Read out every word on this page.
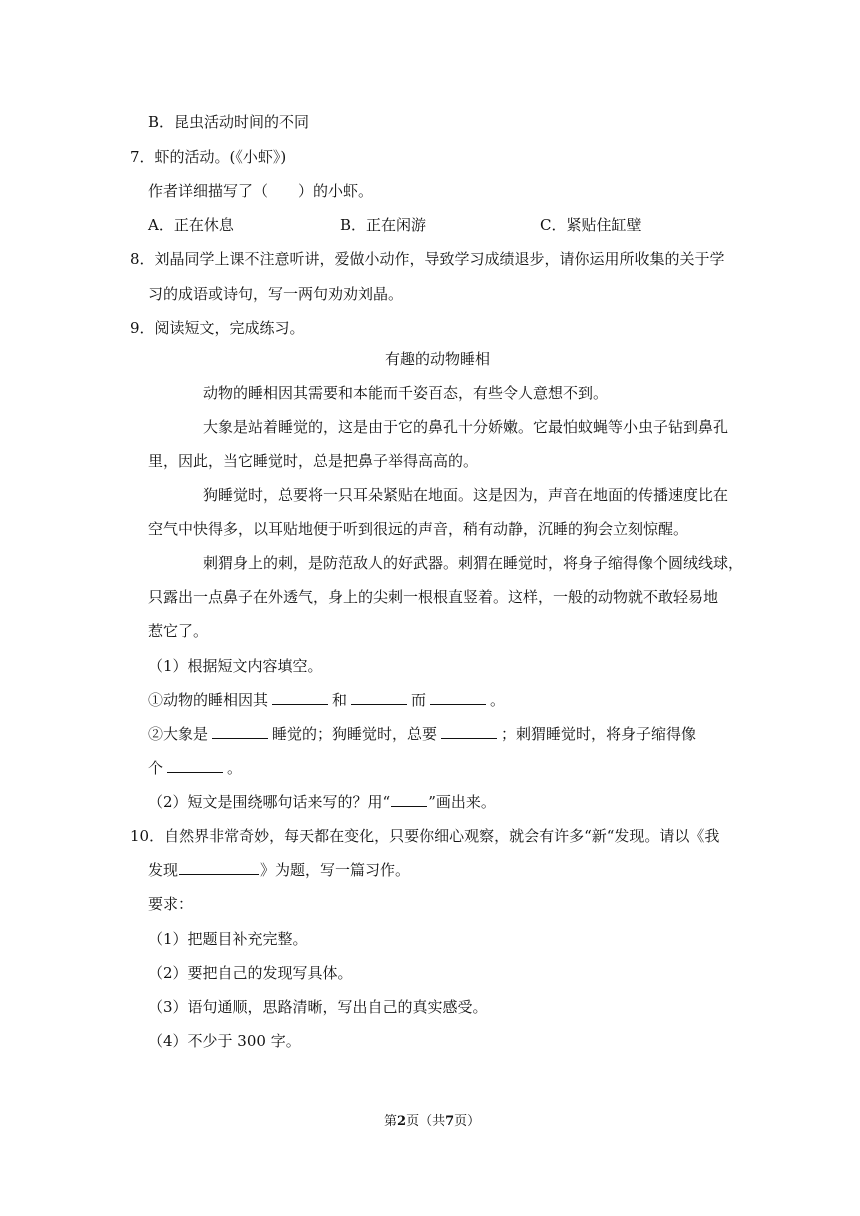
B．昆虫活动时间的不同
7．虾的活动。(《小虾》)
作者详细描写了（　　）的小虾。
A．正在休息	B．正在闲游	C．紧贴住缸壁
8．刘晶同学上课不注意听讲，爱做小动作，导致学习成绩退步，请你运用所收集的关于学
习的成语或诗句，写一两句劝劝刘晶。
9．阅读短文，完成练习。
有趣的动物睡相
动物的睡相因其需要和本能而千姿百态，有些令人意想不到。
大象是站着睡觉的，这是由于它的鼻孔十分娇嫩。它最怕蚊蝇等小虫子钻到鼻孔
里，因此，当它睡觉时，总是把鼻子举得高高的。
狗睡觉时，总要将一只耳朵紧贴在地面。这是因为，声音在地面的传播速度比在
空气中快得多，以耳贴地便于听到很远的声音，稍有动静，沉睡的狗会立刻惊醒。
刺猬身上的刺，是防范敌人的好武器。刺猬在睡觉时，将身子缩得像个圆绒线球，
只露出一点鼻子在外透气，身上的尖刺一根根直竖着。这样，一般的动物就不敢轻易地
惹它了。
（1）根据短文内容填空。
①动物的睡相因其	和	而	。
②大象是	睡觉的；狗睡觉时，总要	；刺猬睡觉时，将身子缩得像
个	。
（2）短文是围绕哪句话来写的？用“	”画出来。
10．自然界非常奇妙，每天都在变化，只要你细心观察，就会有许多“新“发现。请以《我
发现	》为题，写一篇习作。
要求：
（1）把题目补充完整。
（2）要把自己的发现写具体。
（3）语句通顺，思路清晰，写出自己的真实感受。
（4）不少于 300 字。
第2页（共7页）
